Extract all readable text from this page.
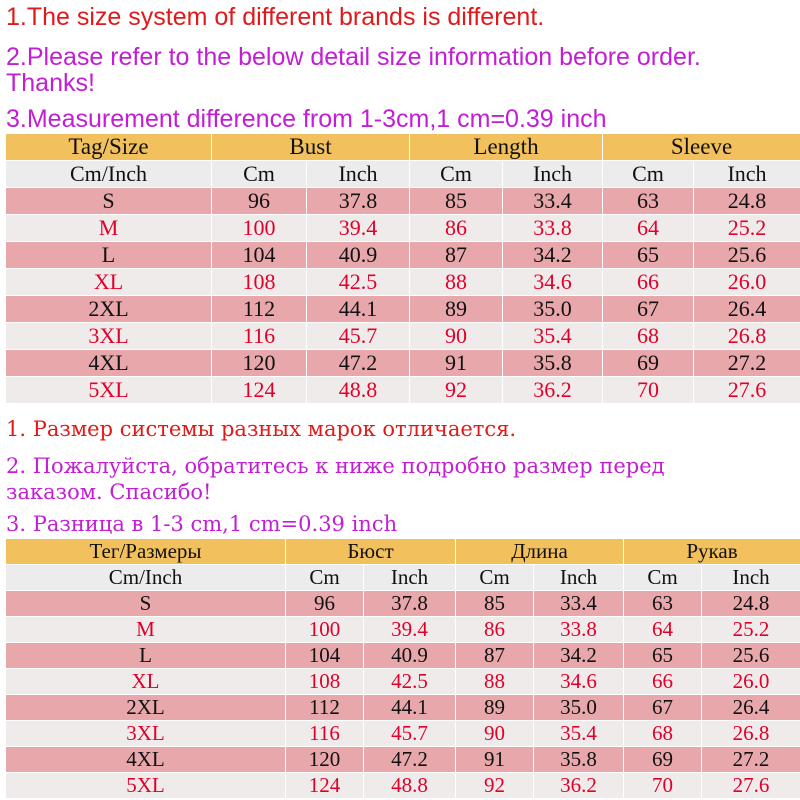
1.The size system of different brands is different.

2.Please refer to the below detail size information before order.

Thanks!

3.Measurement difference from 1-3cm,1 cm=0.39 inch

Tag/Size	Bust		Length		Sleeve	
Cm/Inch	Cm	Inch	Cm	Inch	Cm	Inch
S	96	37.8	85	33.4	63	24.8
M	100	39.4	86	33.8	64	25.2
L	104	40.9	87	34.2	65	25.6
XL	108	42.5	88	34.6	66	26.0
2XL	112	44.1	89	35.0	67	26.4
3XL	116	45.7	90	35.4	68	26.8
4XL	120	47.2	91	35.8	69	27.2
5XL	124	48.8	92	36.2	70	27.6

1. Размер системы разных марок отличается.

2. Пожалуйста, обратитесь к ниже подробно размер перед

заказом. Спасибо!

3. Разница в 1-3 cm,1 cm=0.39 inch

Тег/Размеры	Бюст		Длина		Рукав	
Cm/Inch	Cm	Inch	Cm	Inch	Cm	Inch
S	96	37.8	85	33.4	63	24.8
M	100	39.4	86	33.8	64	25.2
L	104	40.9	87	34.2	65	25.6
XL	108	42.5	88	34.6	66	26.0
2XL	112	44.1	89	35.0	67	26.4
3XL	116	45.7	90	35.4	68	26.8
4XL	120	47.2	91	35.8	69	27.2
5XL	124	48.8	92	36.2	70	27.6
